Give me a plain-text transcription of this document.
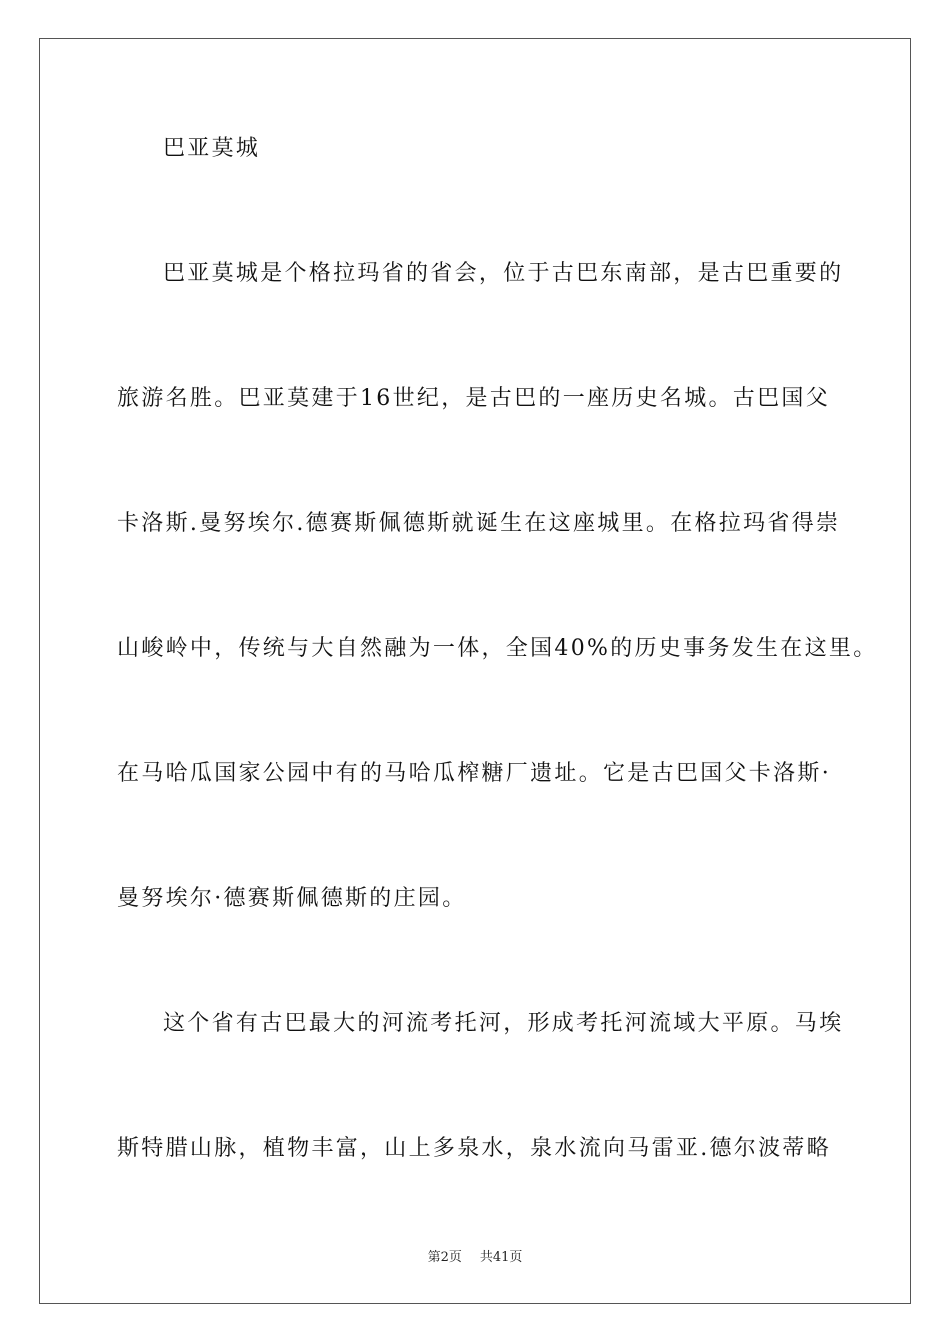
巴亚莫城
巴亚莫城是个格拉玛省的省会，位于古巴东南部，是古巴重要的
旅游名胜。巴亚莫建于16世纪，是古巴的一座历史名城。古巴国父
卡洛斯.曼努埃尔.德赛斯佩德斯就诞生在这座城里。在格拉玛省得崇
山峻岭中，传统与大自然融为一体，全国40%的历史事务发生在这里。
在马哈瓜国家公园中有的马哈瓜榨糖厂遗址。它是古巴国父卡洛斯·
曼努埃尔·德赛斯佩德斯的庄园。
这个省有古巴最大的河流考托河，形成考托河流域大平原。马埃
斯特腊山脉，植物丰富，山上多泉水，泉水流向马雷亚.德尔波蒂略
第2页 共41页
